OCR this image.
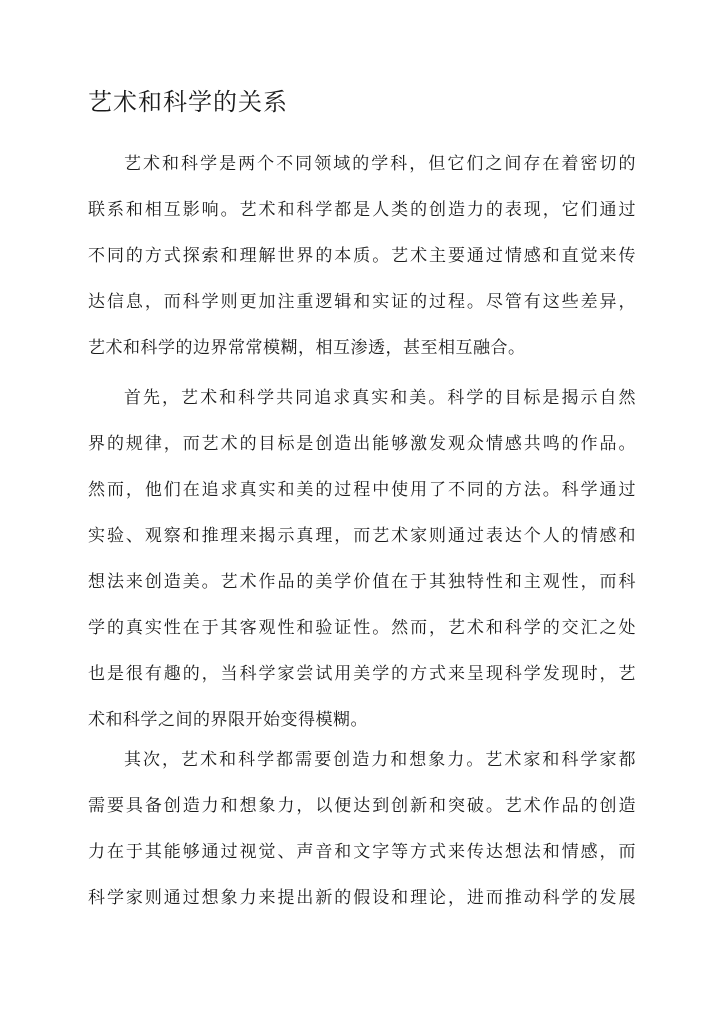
艺术和科学的关系
艺术和科学是两个不同领域的学科，但它们之间存在着密切的
联系和相互影响。艺术和科学都是人类的创造力的表现，它们通过
不同的方式探索和理解世界的本质。艺术主要通过情感和直觉来传
达信息，而科学则更加注重逻辑和实证的过程。尽管有这些差异，
艺术和科学的边界常常模糊，相互渗透，甚至相互融合。
首先，艺术和科学共同追求真实和美。科学的目标是揭示自然
界的规律，而艺术的目标是创造出能够激发观众情感共鸣的作品。
然而，他们在追求真实和美的过程中使用了不同的方法。科学通过
实验、观察和推理来揭示真理，而艺术家则通过表达个人的情感和
想法来创造美。艺术作品的美学价值在于其独特性和主观性，而科
学的真实性在于其客观性和验证性。然而，艺术和科学的交汇之处
也是很有趣的，当科学家尝试用美学的方式来呈现科学发现时，艺
术和科学之间的界限开始变得模糊。
其次，艺术和科学都需要创造力和想象力。艺术家和科学家都
需要具备创造力和想象力，以便达到创新和突破。艺术作品的创造
力在于其能够通过视觉、声音和文字等方式来传达想法和情感，而
科学家则通过想象力来提出新的假设和理论，进而推动科学的发展
